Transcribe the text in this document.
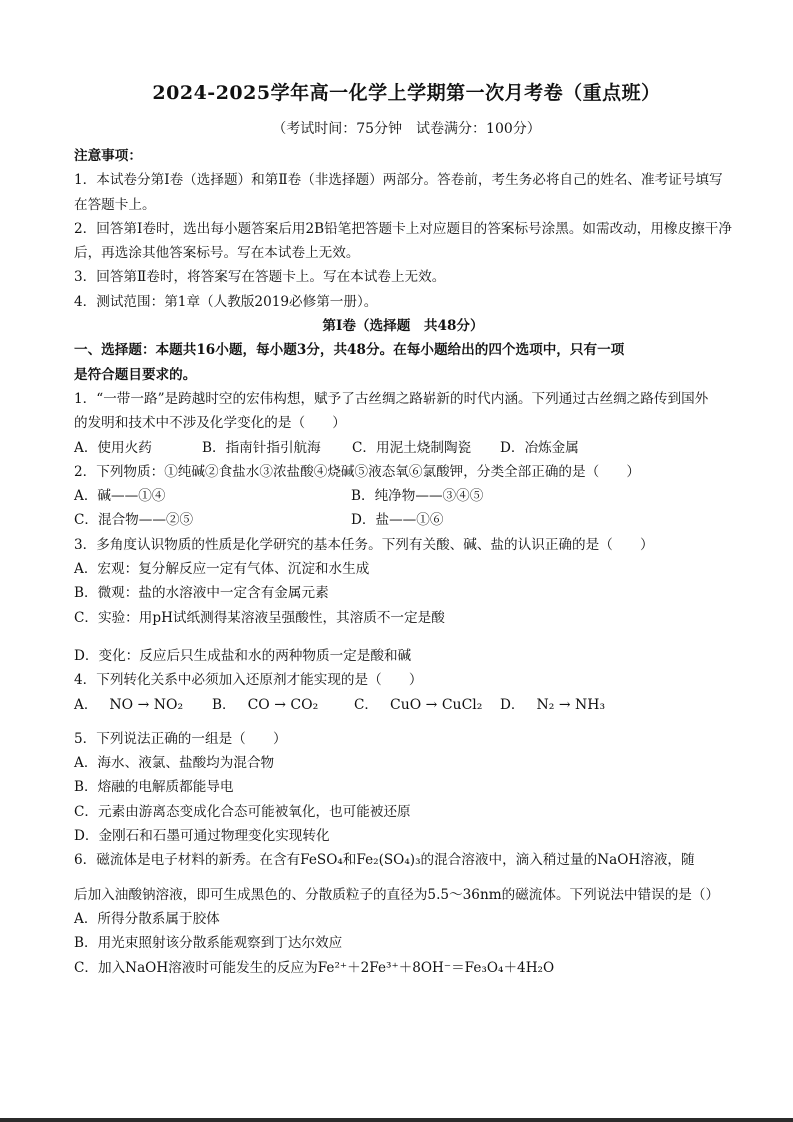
2024-2025学年高一化学上学期第一次月考卷（重点班）
（考试时间：75分钟　试卷满分：100分）

注意事项：

1．本试卷分第Ⅰ卷（选择题）和第Ⅱ卷（非选择题）两部分。答卷前，考生务必将自己的姓名、准考证号填写在答题卡上。

2．回答第Ⅰ卷时，选出每小题答案后用2B铅笔把答题卡上对应题目的答案标号涂黑。如需改动，用橡皮擦干净后，再选涂其他答案标号。写在本试卷上无效。

3．回答第Ⅱ卷时，将答案写在答题卡上。写在本试卷上无效。

4．测试范围：第1章（人教版2019必修第一册）。

第Ⅰ卷（选择题　共48分）

一、选择题：本题共16小题，每小题3分，共48分。在每小题给出的四个选项中，只有一项

是符合题目要求的。

1．“一带一路”是跨越时空的宏伟构想，赋予了古丝绸之路崭新的时代内涵。下列通过古丝绸之路传到国外

的发明和技术中不涉及化学变化的是（　　）

A．使用火药	B．指南针指引航海	C．用泥土烧制陶瓷	D．冶炼金属

2．下列物质：①纯碱②食盐水③浓盐酸④烧碱⑤液态氧⑥氯酸钾，分类全部正确的是（　　）

A．碱——①④	B．纯净物——③④⑤

C．混合物——②⑤	D．盐——①⑥

3．多角度认识物质的性质是化学研究的基本任务。下列有关酸、碱、盐的认识正确的是（　　）

A．宏观：复分解反应一定有气体、沉淀和水生成

B．微观：盐的水溶液中一定含有金属元素

C．实验：用pH试纸测得某溶液呈强酸性，其溶质不一定是酸

D．变化：反应后只生成盐和水的两种物质一定是酸和碱

4．下列转化关系中必须加入还原剂才能实现的是（　　）

A． NO → NO₂	B． CO → CO₂	C． CuO → CuCl₂	D． N₂ → NH₃

5．下列说法正确的一组是（　　）

A．海水、液氯、盐酸均为混合物

B．熔融的电解质都能导电

C．元素由游离态变成化合态可能被氧化，也可能被还原

D．金刚石和石墨可通过物理变化实现转化

6．磁流体是电子材料的新秀。在含有FeSO₄和Fe₂(SO₄)₃的混合溶液中，滴入稍过量的NaOH溶液，随

后加入油酸钠溶液，即可生成黑色的、分散质粒子的直径为5.5～36nm的磁流体。下列说法中错误的是（）

A．所得分散系属于胶体

B．用光束照射该分散系能观察到丁达尔效应

C．加入NaOH溶液时可能发生的反应为Fe²⁺＋2Fe³⁺＋8OH⁻＝Fe₃O₄＋4H₂O
